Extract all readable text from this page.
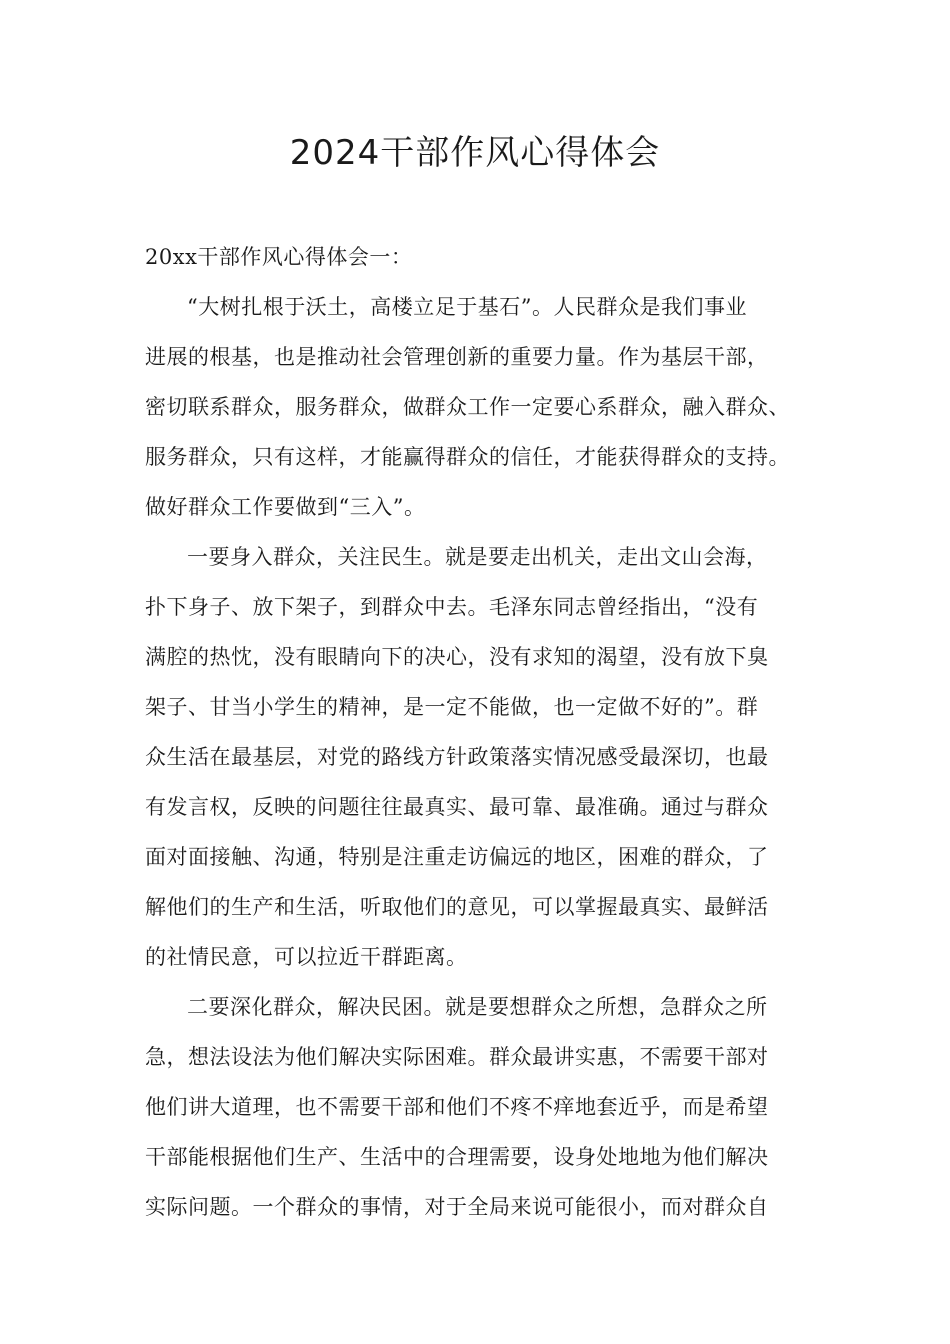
2024干部作风心得体会
20xx干部作风心得体会一：
“大树扎根于沃土，高楼立足于基石”。人民群众是我们事业
进展的根基，也是推动社会管理创新的重要力量。作为基层干部，
密切联系群众，服务群众，做群众工作一定要心系群众，融入群众、
服务群众，只有这样，才能赢得群众的信任，才能获得群众的支持。
做好群众工作要做到“三入”。
一要身入群众，关注民生。就是要走出机关，走出文山会海，
扑下身子、放下架子，到群众中去。毛泽东同志曾经指出，“没有
满腔的热忱，没有眼睛向下的决心，没有求知的渴望，没有放下臭
架子、甘当小学生的精神，是一定不能做，也一定做不好的”。群
众生活在最基层，对党的路线方针政策落实情况感受最深切，也最
有发言权，反映的问题往往最真实、最可靠、最准确。通过与群众
面对面接触、沟通，特别是注重走访偏远的地区，困难的群众，了
解他们的生产和生活，听取他们的意见，可以掌握最真实、最鲜活
的社情民意，可以拉近干群距离。
二要深化群众，解决民困。就是要想群众之所想，急群众之所
急，想法设法为他们解决实际困难。群众最讲实惠，不需要干部对
他们讲大道理，也不需要干部和他们不疼不痒地套近乎，而是希望
干部能根据他们生产、生活中的合理需要，设身处地地为他们解决
实际问题。一个群众的事情，对于全局来说可能很小，而对群众自
